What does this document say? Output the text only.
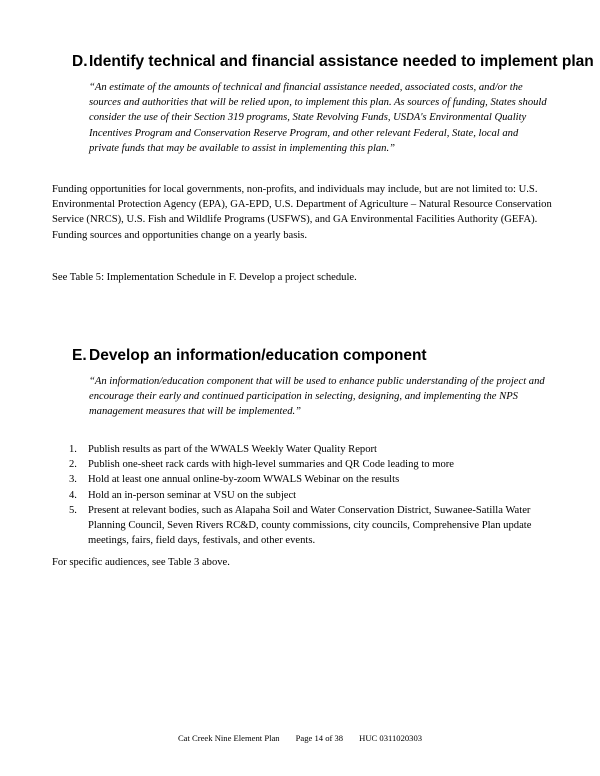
D.Identify technical and financial assistance needed to implement plan

“An estimate of the amounts of technical and financial assistance needed, associated costs, and/or the sources and authorities that will be relied upon, to implement this plan. As sources of funding, States should consider the use of their Section 319 programs, State Revolving Funds, USDA's Environmental Quality Incentives Program and Conservation Reserve Program, and other relevant Federal, State, local and private funds that may be available to assist in implementing this plan.”

Funding opportunities for local governments, non-profits, and individuals may include, but are not limited to: U.S. Environmental Protection Agency (EPA), GA-EPD, U.S. Department of Agriculture – Natural Resource Conservation Service (NRCS), U.S. Fish and Wildlife Programs (USFWS), and GA Environmental Facilities Authority (GEFA). Funding sources and opportunities change on a yearly basis.

See Table 5: Implementation Schedule in F. Develop a project schedule.

E. Develop an information/education component

“An information/education component that will be used to enhance public understanding of the project and encourage their early and continued participation in selecting, designing, and implementing the NPS management measures that will be implemented.”

1. Publish results as part of the WWALS Weekly Water Quality Report
2. Publish one-sheet rack cards with high-level summaries and QR Code leading to more
3. Hold at least one annual online-by-zoom WWALS Webinar on the results
4. Hold an in-person seminar at VSU on the subject
5. Present at relevant bodies, such as Alapaha Soil and Water Conservation District, Suwanee-Satilla Water Planning Council, Seven Rivers RC&D, county commissions, city councils, Comprehensive Plan update meetings, fairs, field days, festivals, and other events.

For specific audiences, see Table 3 above.

Cat Creek Nine Element Plan Page 14 of 38 HUC 0311020303
